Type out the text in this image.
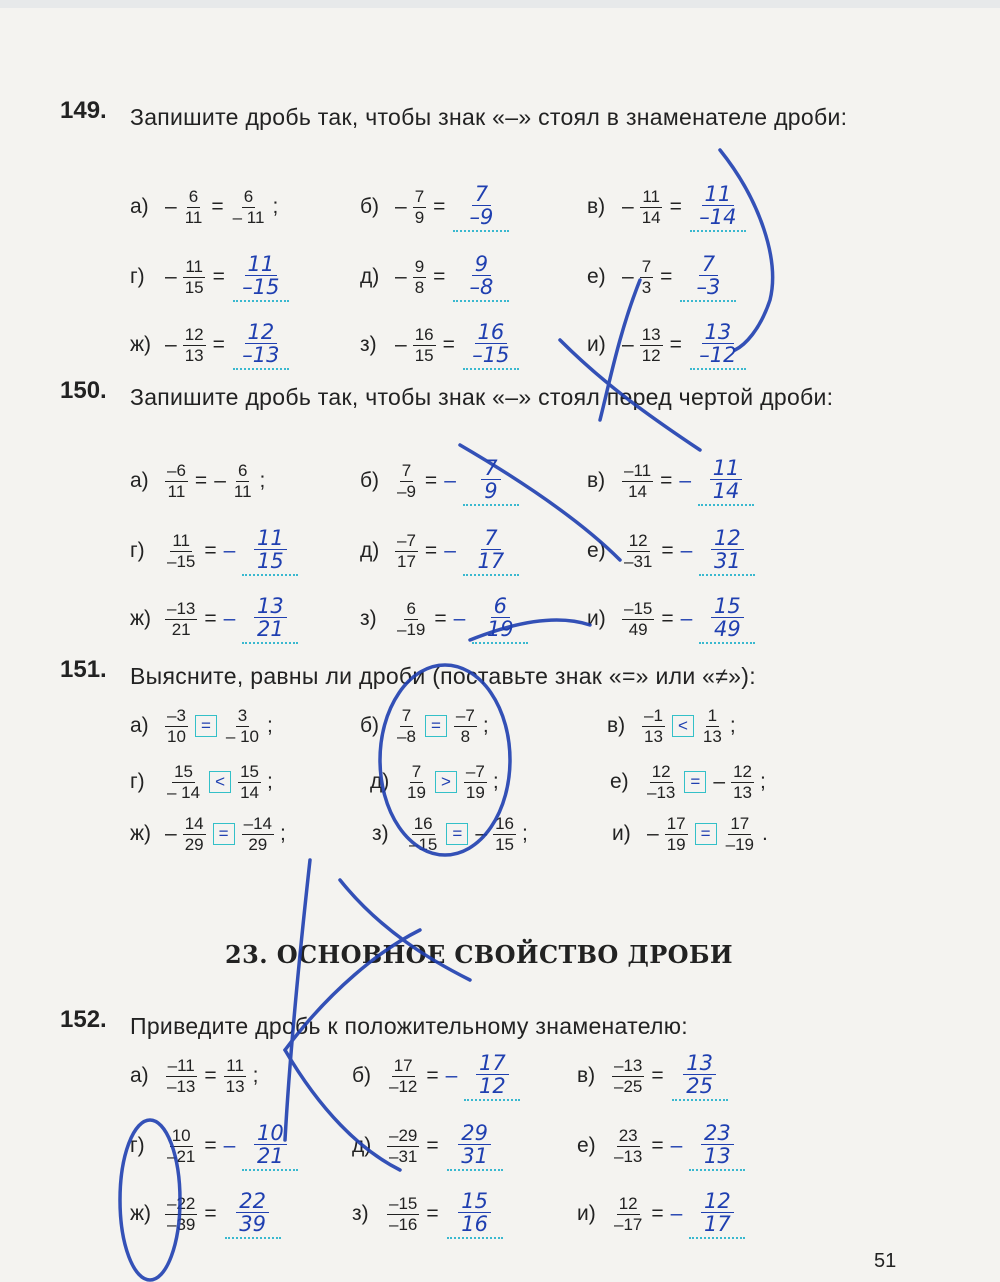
149. Запишите дробь так, чтобы знак «–» стоял в знаменателе дроби:
$а) - \frac{6}{11} = \frac{6}{- 11}$ ;	$б) - \frac{7}{9} = \frac{7}{-9}$	$в) - \frac{11}{14} = \frac{11}{-14}$
$г) - \frac{11}{15} = \frac{11}{-15}$	$д) - \frac{9}{8} = \frac{9}{-8}$	$е) - \frac{7}{3} = \frac{7}{-3}$
$ж) - \frac{12}{13} = \frac{12}{-13}$	$з) - \frac{16}{15} = \frac{16}{-15}$	$и) - \frac{13}{12} = \frac{13}{-12}$
150. Запишите дробь так, чтобы знак «–» стоял перед чертой дроби:
$а) \frac{-6}{11}$ = – $\frac{6}{11}$ ;	$б) \frac{7}{-9}$ = – $\frac{7}{9}$	$в) \frac{-11}{14}$ = – $\frac{11}{14}$
г)	$\frac{11}{-15}$ = – $\frac{11}{15}$	$д) \frac{-7}{17}$ = – $\frac{7}{17}$	$е) \frac{12}{-31}$ = – $\frac{12}{31}$
$ж) \frac{-13}{21}$ = – $\frac{13}{21}$	з)	$\frac{6}{-19}$ = – $\frac{6}{19}$	$и) \frac{-15}{49}$ = – $\frac{15}{49}$
151. Выясните, равны ли дроби (поставьте знак «=» или «≠»):
$а) \frac{-3}{10} = \frac{3}{- 10}$ ;	$б) \frac{7}{-8} = \frac{-7}{8}$ ;	$в) \frac{-1}{13} < \frac{1}{13}$ ;
г)	$\frac{15}{- 14} < \frac{15}{14}$ ;	$д) \frac{7}{19} > \frac{-7}{19}$ ;	$е) \frac{12}{-13}$ = – $\frac{12}{13}$ ;
$ж) - \frac{14}{29} = \frac{-14}{29}$ ;	з)	$\frac{16}{-15}$ = – $\frac{16}{15}$ ;	$и) - \frac{17}{19} = \frac{17}{-19}$ .
23. ОСНОВНОЕ СВОЙСТВО ДРОБИ
152. Приведите дробь к положительному знаменателю:
$а) \frac{-11}{-13} = \frac{11}{13}$ ;	$б) \frac{17}{-12}$ = – $\frac{17}{12}$	$в) \frac{-13}{-25} = \frac{13}{25}$
г)	$\frac{10}{-21}$ = – $\frac{10}{21}$	$д) \frac{-29}{-31} = \frac{29}{31}$	$е) \frac{23}{-13}$ = – $\frac{23}{13}$
$ж) \frac{-22}{-39} = \frac{22}{39}$	з)	$\frac{-15}{-16} = \frac{15}{16}$	$и) \frac{12}{-17}$ = – $\frac{12}{17}$
51
